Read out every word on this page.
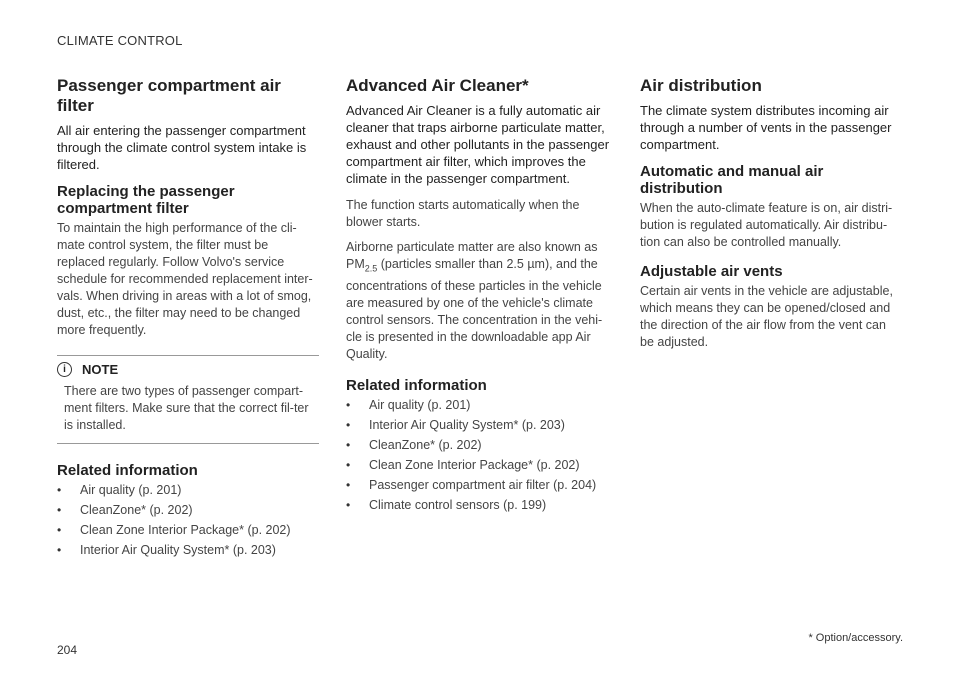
CLIMATE CONTROL
Passenger compartment air filter

All air entering the passenger compartment through the climate control system intake is filtered.

Replacing the passenger compartment filter

To maintain the high performance of the cli-mate control system, the filter must be replaced regularly. Follow Volvo's service schedule for recommended replacement inter-vals. When driving in areas with a lot of smog, dust, etc., the filter may need to be changed more frequently.

i	NOTE
There are two types of passenger compart-ment filters. Make sure that the correct fil-ter is installed.
Related information
•	Air quality (p. 201)
•	CleanZone* (p. 202)
•	Clean Zone Interior Package* (p. 202)
•	Interior Air Quality System* (p. 203)
Advanced Air Cleaner*

Advanced Air Cleaner is a fully automatic air cleaner that traps airborne particulate matter, exhaust and other pollutants in the passenger compartment air filter, which improves the climate in the passenger compartment.

The function starts automatically when the blower starts.

Airborne particulate matter are also known as $PM_{2.5}$ (particles smaller than 2.5 µm), and the concentrations of these particles in the vehicle are measured by one of the vehicle's climate control sensors. The concentration in the vehi-cle is presented in the downloadable app Air Quality.

Related information
•	Air quality (p. 201)
•	Interior Air Quality System* (p. 203)
•	CleanZone* (p. 202)
•	Clean Zone Interior Package* (p. 202)
•	Passenger compartment air filter (p. 204)
•	Climate control sensors (p. 199)
Air distribution

The climate system distributes incoming air through a number of vents in the passenger compartment.

Automatic and manual air distribution

When the auto-climate feature is on, air distri-bution is regulated automatically. Air distribu-tion can also be controlled manually.

Adjustable air vents

Certain air vents in the vehicle are adjustable, which means they can be opened/closed and the direction of the air flow from the vent can be adjusted.

* Option/accessory.
204
